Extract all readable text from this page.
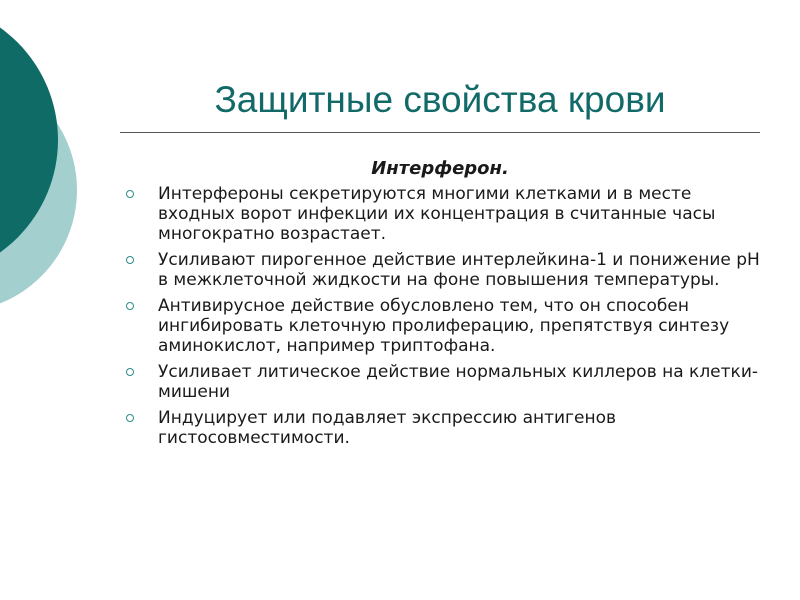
Защитные свойства крови
Интерферон.
Интерфероны секретируются многими клетками и в месте входных ворот инфекции их концентрация в считанные часы многократно возрастает.
Усиливают пирогенное действие интерлейкина-1 и понижение pH в межклеточной жидкости на фоне повышения температуры.
Антивирусное действие обусловлено тем, что он способен ингибировать клеточную пролиферацию, препятствуя синтезу аминокислот, например триптофана.
Усиливает литическое действие нормальных киллеров на клетки-мишени
Индуцирует или подавляет экспрессию антигенов гистосовместимости.
